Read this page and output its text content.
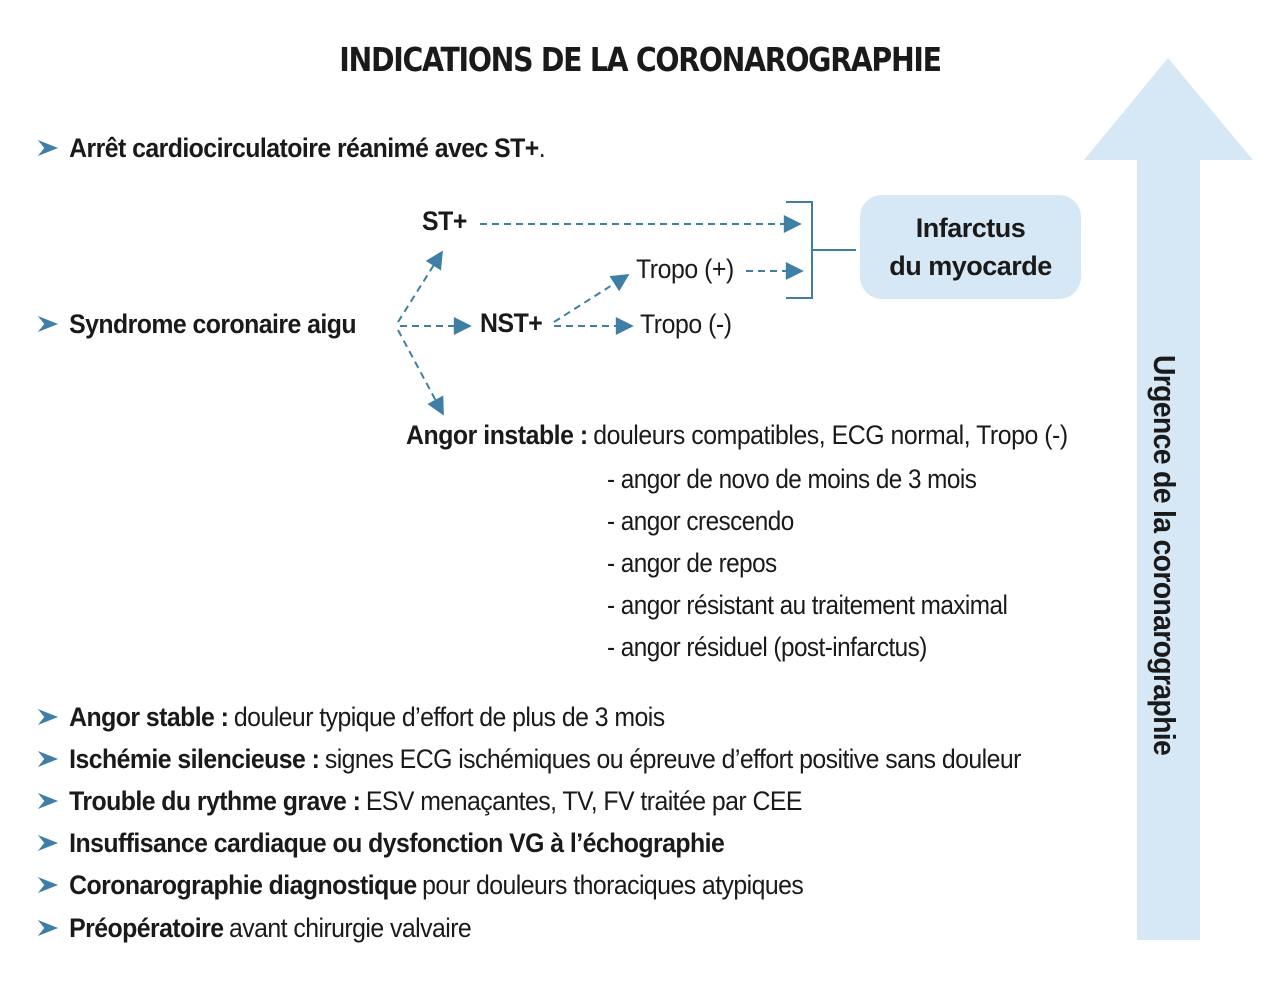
INDICATIONS DE LA CORONAROGRAPHIE
Arrêt cardiocirculatoire réanimé avec ST+ .
Syndrome coronaire aigu
ST+
NST+
Tropo (+)
Tropo (-)
Infarctus
du myocarde
Angor instable : douleurs compatibles, ECG normal, Tropo (-)
- angor de novo de moins de 3 mois
- angor crescendo
- angor de repos
- angor résistant au traitement maximal
- angor résiduel (post-infarctus)
Angor stable : douleur typique d’effort de plus de 3 mois
Ischémie silencieuse : signes ECG ischémiques ou épreuve d’effort positive sans douleur
Trouble du rythme grave : ESV menaçantes, TV, FV traitée par CEE
Insuffisance cardiaque ou dysfonction VG à l’échographie
Coronarographie diagnostique pour douleurs thoraciques atypiques
Préopératoire avant chirurgie valvaire
Urgence de la coronarographie
